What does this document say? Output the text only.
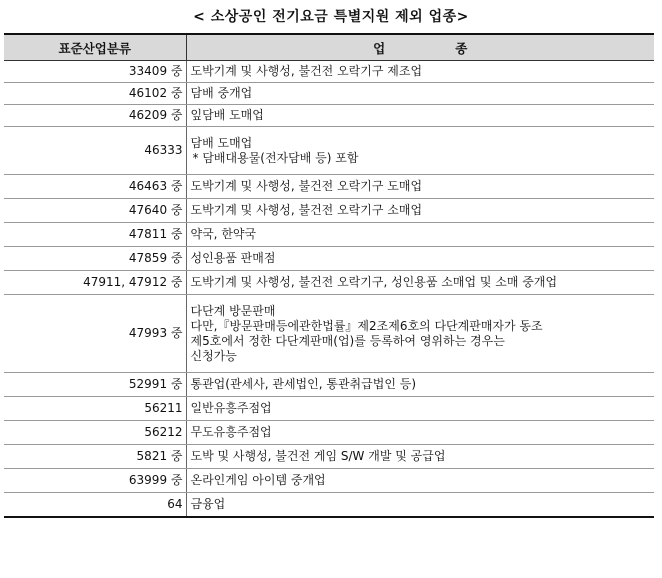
< 소상공인 전기요금 특별지원 제외 업종>
표준산업분류	업 종
33409 중	도박기계 및 사행성, 불건전 오락기구 제조업

46102 중	담배 중개업

46209 중	잎담배 도매업

46333	담배 도매업
* 담배대용물(전자담배 등) 포함

46463 중	도박기계 및 사행성, 불건전 오락기구 도매업

47640 중	도박기계 및 사행성, 불건전 오락기구 소매업

47811 중	약국, 한약국

47859 중	성인용품 판매점

47911, 47912 중	도박기계 및 사행성, 불건전 오락기구, 성인용품 소매업 및 소매 중개업

47993 중	다단계 방문판매
다만,『방문판매등에관한법률』제2조제6호의 다단계판매자가 동조
제5호에서 정한 다단계판매(업)를 등록하여 영위하는 경우는
신청가능

52991 중	통관업(관세사, 관세법인, 통관취급법인 등)

56211	일반유흥주점업

56212	무도유흥주점업

5821 중	도박 및 사행성, 불건전 게임 S/W 개발 및 공급업

63999 중	온라인게임 아이템 중개업

64	금융업
